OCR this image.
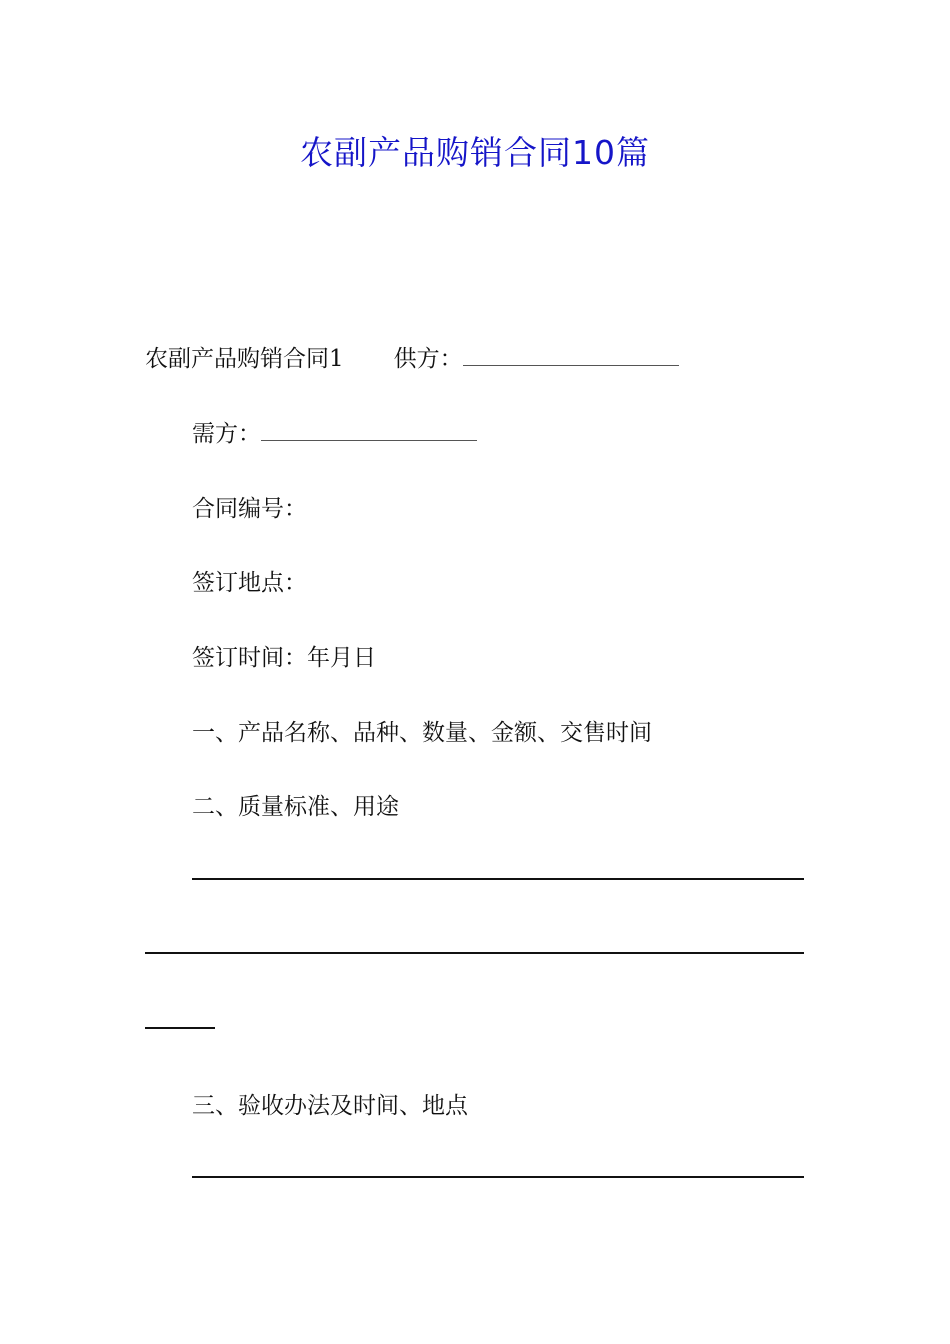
农副产品购销合同10篇
农副产品购销合同1 供方：
需方：
合同编号：
签订地点：
签订时间：年月日
一、产品名称、品种、数量、金额、交售时间
二、质量标准、用途
三、验收办法及时间、地点
